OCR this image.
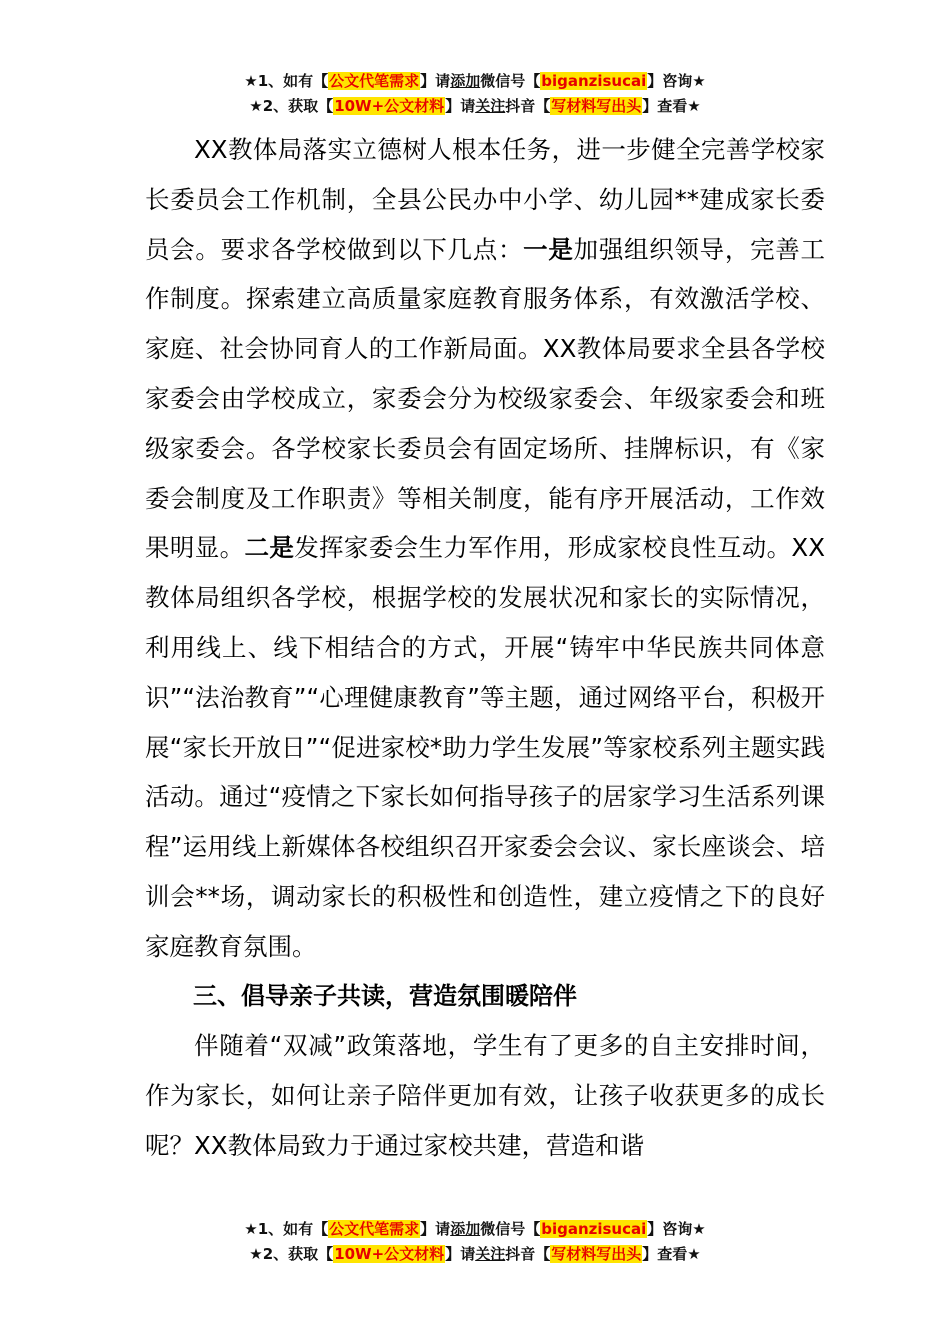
★1、如有【公文代笔需求】请添加微信号【biganzisucai】咨询★
★2、获取【10W+公文材料】请关注抖音【写材料写出头】查看★

XX教体局落实立德树人根本任务，进一步健全完善学校家长委员会工作机制，全县公民办中小学、幼儿园**建成家长委员会。要求各学校做到以下几点：一是加强组织领导，完善工作制度。探索建立高质量家庭教育服务体系，有效激活学校、家庭、社会协同育人的工作新局面。XX教体局要求全县各学校家委会由学校成立，家委会分为校级家委会、年级家委会和班级家委会。各学校家长委员会有固定场所、挂牌标识，有《家委会制度及工作职责》等相关制度，能有序开展活动，工作效果明显。二是发挥家委会生力军作用，形成家校良性互动。XX教体局组织各学校，根据学校的发展状况和家长的实际情况，利用线上、线下相结合的方式，开展“铸牢中华民族共同体意识”“法治教育”“心理健康教育”等主题，通过网络平台，积极开展“家长开放日”“促进家校*助力学生发展”等家校系列主题实践活动。通过“疫情之下家长如何指导孩子的居家学习生活系列课程”运用线上新媒体各校组织召开家委会会议、家长座谈会、培训会**场，调动家长的积极性和创造性，建立疫情之下的良好家庭教育氛围。

三、倡导亲子共读，营造氛围暖陪伴

伴随着“双减”政策落地，学生有了更多的自主安排时间，作为家长，如何让亲子陪伴更加有效，让孩子收获更多的成长呢？XX教体局致力于通过家校共建，营造和谐

★1、如有【公文代笔需求】请添加微信号【biganzisucai】咨询★
★2、获取【10W+公文材料】请关注抖音【写材料写出头】查看★
